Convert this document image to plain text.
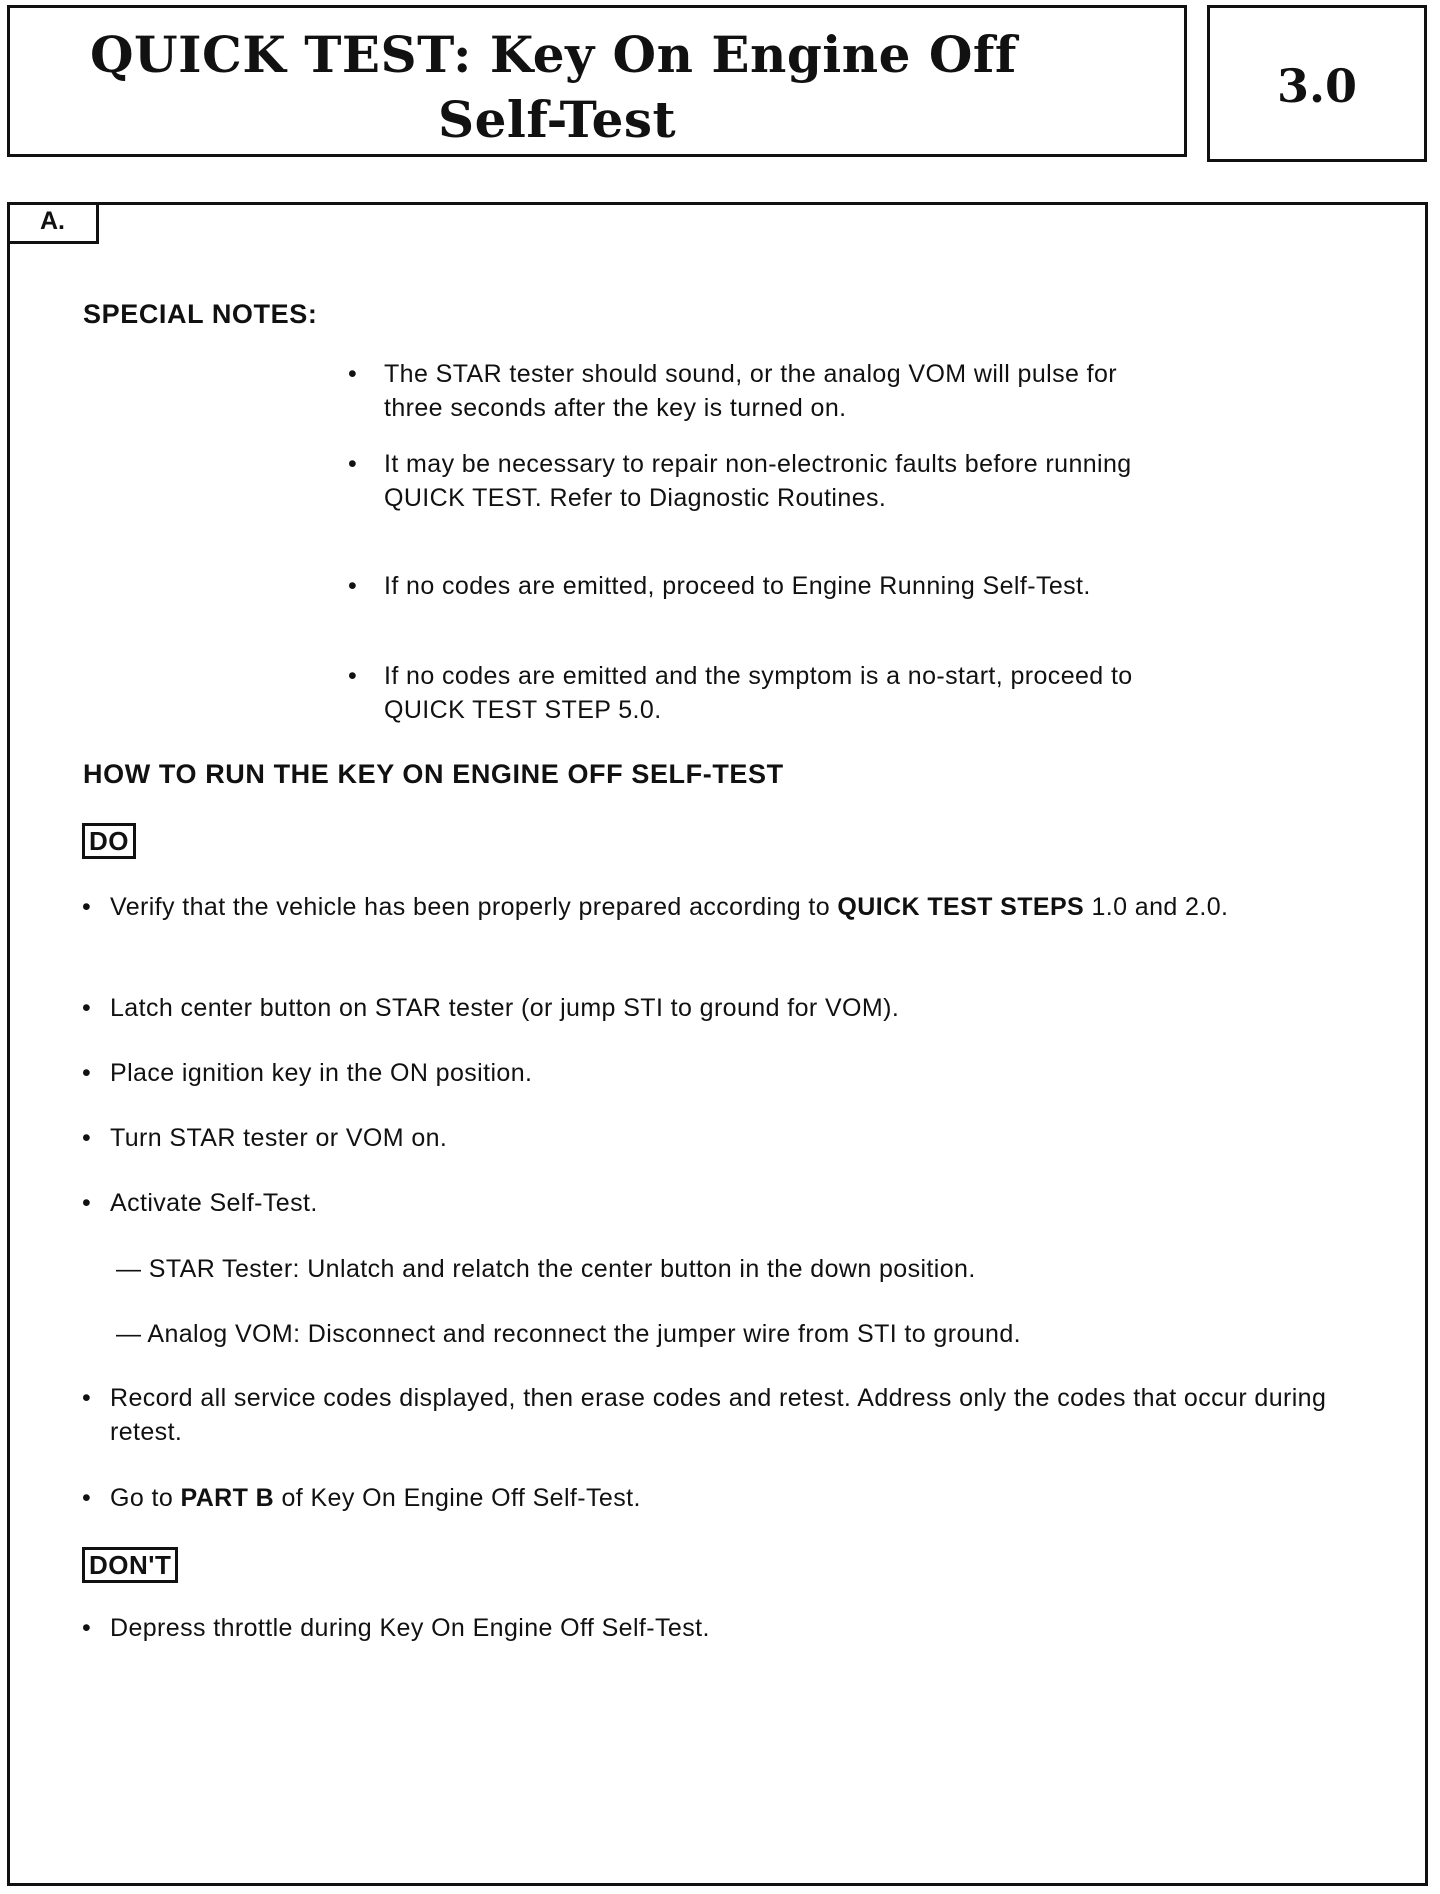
QUICK TEST: Key On Engine Off
Self-Test
3.0
A.
SPECIAL NOTES:
• The STAR tester should sound, or the analog VOM will pulse for three seconds after the key is turned on.
• It may be necessary to repair non-electronic faults before running QUICK TEST. Refer to Diagnostic Routines.
• If no codes are emitted, proceed to Engine Running Self-Test.
• If no codes are emitted and the symptom is a no-start, proceed to QUICK TEST STEP 5.0.
HOW TO RUN THE KEY ON ENGINE OFF SELF-TEST
DO
• Verify that the vehicle has been properly prepared according to QUICK TEST STEPS 1.0 and 2.0.
• Latch center button on STAR tester (or jump STI to ground for VOM).
• Place ignition key in the ON position.
• Turn STAR tester or VOM on.
• Activate Self-Test.
— STAR Tester: Unlatch and relatch the center button in the down position.
— Analog VOM: Disconnect and reconnect the jumper wire from STI to ground.
• Record all service codes displayed, then erase codes and retest. Address only the codes that occur during retest.
• Go to PART B of Key On Engine Off Self-Test.
DON'T
• Depress throttle during Key On Engine Off Self-Test.
